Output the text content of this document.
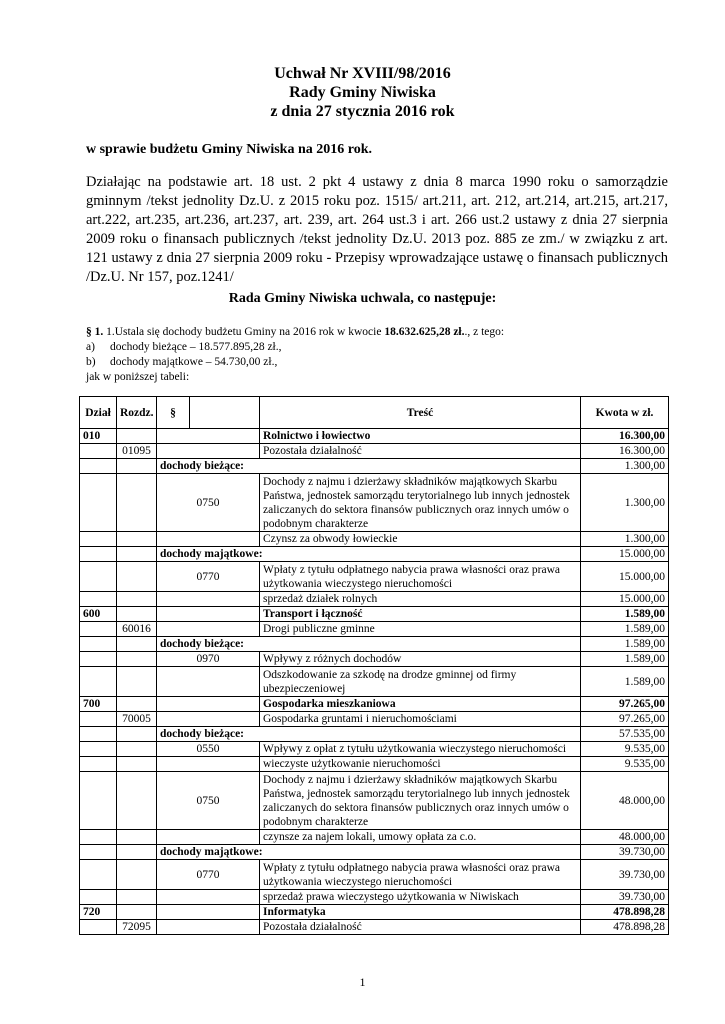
Uchwał Nr XVIII/98/2016
Rady Gminy Niwiska
z dnia 27 stycznia 2016 rok
w sprawie budżetu Gminy Niwiska na 2016 rok.
Działając na podstawie art. 18 ust. 2 pkt 4 ustawy z dnia 8 marca 1990 roku o samorządzie gminnym /tekst jednolity Dz.U. z 2015 roku poz. 1515/ art.211, art. 212, art.214, art.215, art.217, art.222, art.235, art.236, art.237, art. 239, art. 264 ust.3 i art. 266 ust.2 ustawy z dnia 27 sierpnia 2009 roku o finansach publicznych /tekst jednolity Dz.U. 2013 poz. 885 ze zm./ w związku z art. 121 ustawy z dnia 27 sierpnia 2009 roku - Przepisy wprowadzające ustawę o finansach publicznych /Dz.U. Nr 157, poz.1241/
Rada Gminy Niwiska uchwala, co następuje:
§ 1. 1.Ustala się dochody budżetu Gminy na 2016 rok w kwocie 18.632.625,28 zł.., z tego:
a) dochody bieżące – 18.577.895,28 zł.,
b) dochody majątkowe – 54.730,00 zł.,
jak w poniższej tabeli:
Dział	Rozdz.	§		Treść	Kwota w zł.
010				Rolnictwo i łowiectwo	16.300,00
	01095			Pozostała działalność	16.300,00
		dochody bieżące:			1.300,00
		0750		Dochody z najmu i dzierżawy składników majątkowych Skarbu Państwa, jednostek samorządu terytorialnego lub innych jednostek zaliczanych do sektora finansów publicznych oraz innych umów o podobnym charakterze	1.300,00
				Czynsz za obwody łowieckie	1.300,00
		dochody majątkowe:			15.000,00
		0770		Wpłaty z tytułu odpłatnego nabycia prawa własności oraz prawa użytkowania wieczystego nieruchomości	15.000,00
				sprzedaż działek rolnych	15.000,00
600				Transport i łączność	1.589,00
	60016			Drogi publiczne gminne	1.589,00
		dochody bieżące:			1.589,00
		0970		Wpływy z różnych dochodów	1.589,00
				Odszkodowanie za szkodę na drodze gminnej od firmy ubezpieczeniowej	1.589,00
700				Gospodarka mieszkaniowa	97.265,00
	70005			Gospodarka gruntami i nieruchomościami	97.265,00
		dochody bieżące:			57.535,00
		0550		Wpływy z opłat z tytułu użytkowania wieczystego nieruchomości	9.535,00
				wieczyste użytkowanie nieruchomości	9.535,00
		0750		Dochody z najmu i dzierżawy składników majątkowych Skarbu Państwa, jednostek samorządu terytorialnego lub innych jednostek zaliczanych do sektora finansów publicznych oraz innych umów o podobnym charakterze	48.000,00
				czynsze za najem lokali, umowy opłata za c.o.	48.000,00
		dochody majątkowe:			39.730,00
		0770		Wpłaty z tytułu odpłatnego nabycia prawa własności oraz prawa użytkowania wieczystego nieruchomości	39.730,00
				sprzedaż prawa wieczystego użytkowania w Niwiskach	39.730,00
720				Informatyka	478.898,28
	72095			Pozostała działalność	478.898,28
1
